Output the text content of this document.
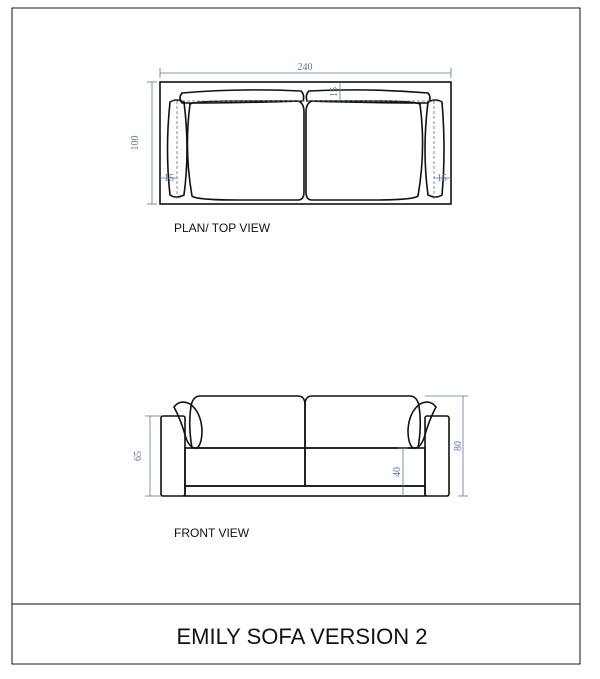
240
100
15
15	15
PLAN/ TOP VIEW
80
65
40
FRONT VIEW
EMILY SOFA VERSION 2
